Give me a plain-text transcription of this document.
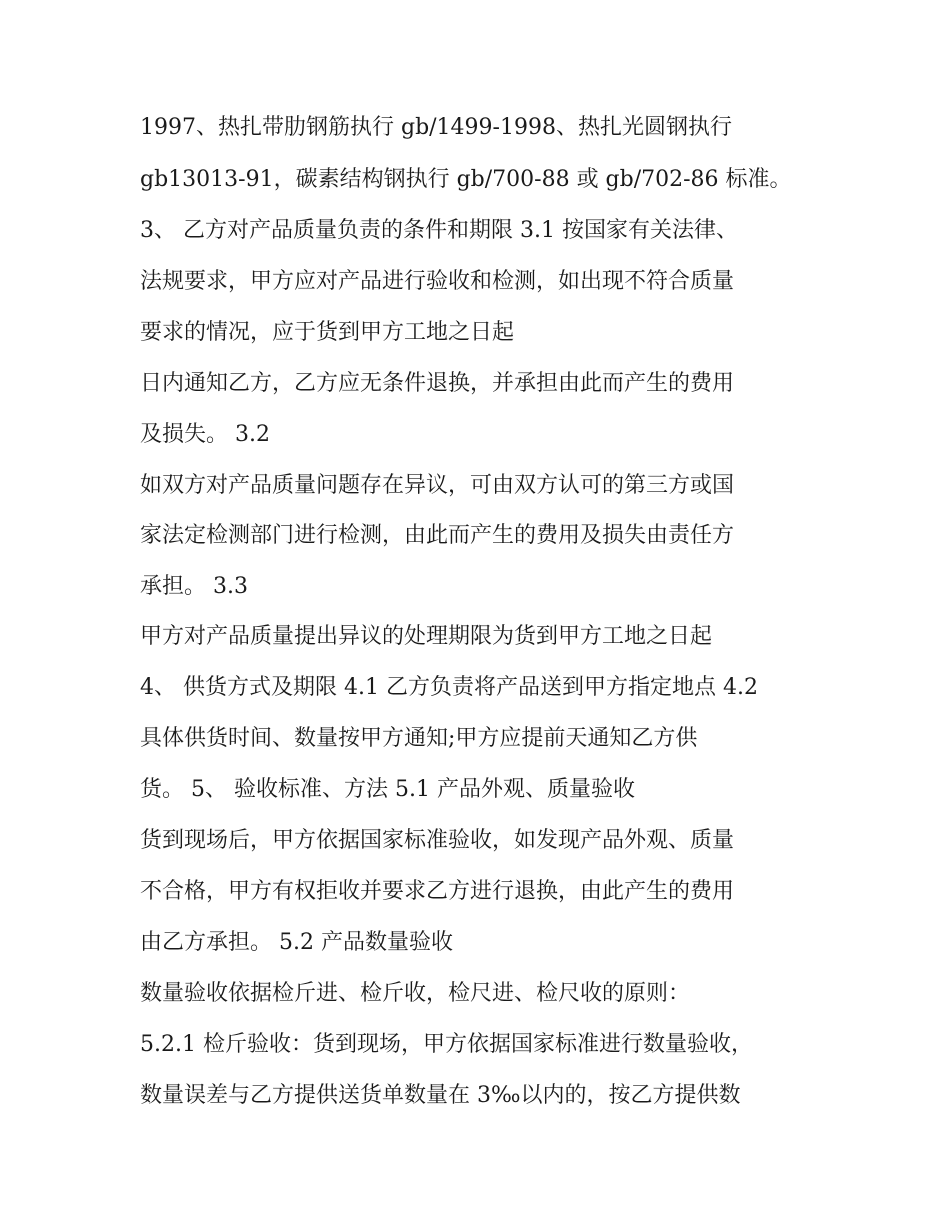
1997、热扎带肋钢筋执行 gb/1499-1998、热扎光圆钢执行
gb13013-91，碳素结构钢执行 gb/700-88 或 gb/702-86 标准。
3、 乙方对产品质量负责的条件和期限 3.1 按国家有关法律、
法规要求，甲方应对产品进行验收和检测，如出现不符合质量
要求的情况，应于货到甲方工地之日起
日内通知乙方，乙方应无条件退换，并承担由此而产生的费用
及损失。 3.2
如双方对产品质量问题存在异议，可由双方认可的第三方或国
家法定检测部门进行检测，由此而产生的费用及损失由责任方
承担。 3.3
甲方对产品质量提出异议的处理期限为货到甲方工地之日起
4、 供货方式及期限 4.1 乙方负责将产品送到甲方指定地点 4.2
具体供货时间、数量按甲方通知;甲方应提前天通知乙方供
货。 5、 验收标准、方法 5.1 产品外观、质量验收
货到现场后，甲方依据国家标准验收，如发现产品外观、质量
不合格，甲方有权拒收并要求乙方进行退换，由此产生的费用
由乙方承担。 5.2 产品数量验收
数量验收依据检斤进、检斤收，检尺进、检尺收的原则：
5.2.1 检斤验收：货到现场，甲方依据国家标准进行数量验收，
数量误差与乙方提供送货单数量在 3‰以内的，按乙方提供数
